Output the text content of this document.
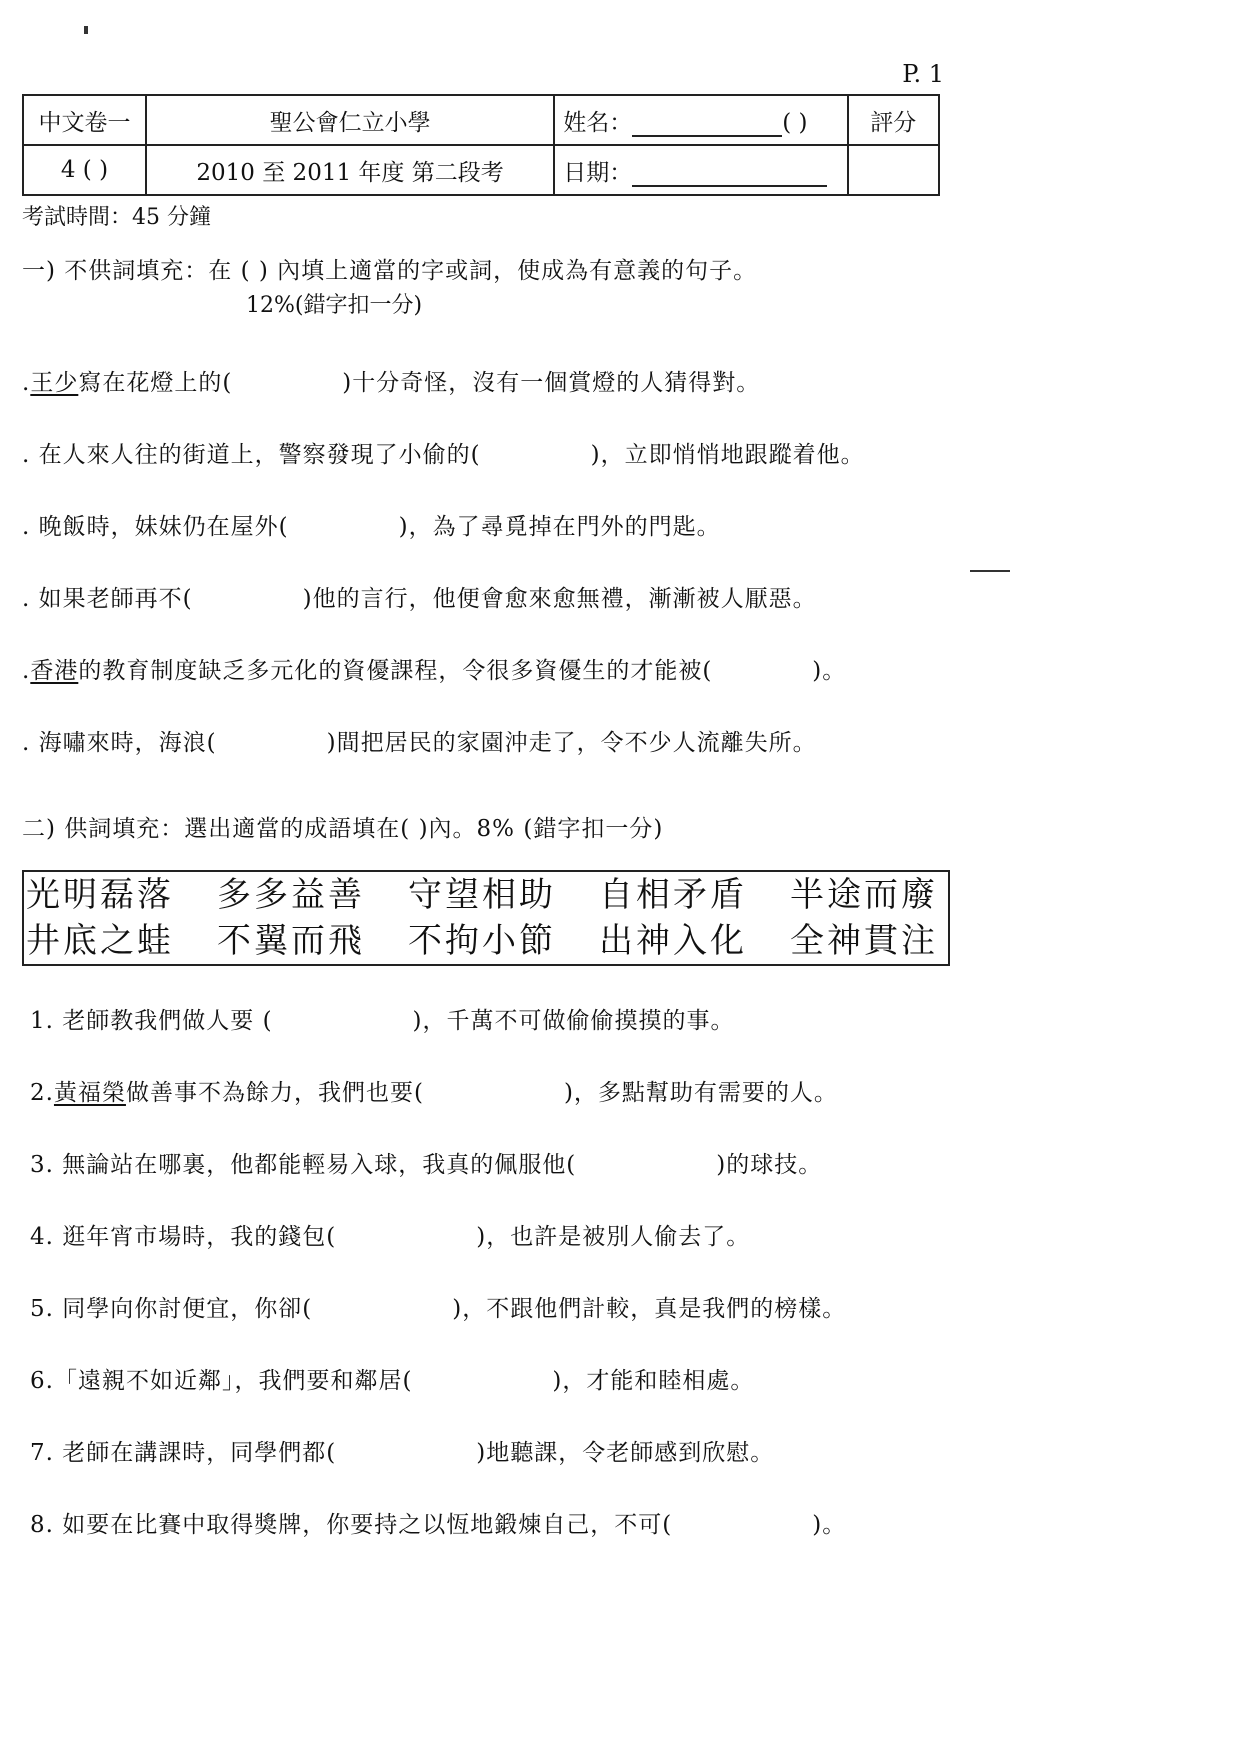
P. 1
中文卷一	聖公會仁立小學	姓名： ( )	評分
4 ( )	2010 至 2011 年度 第二段考	日期：	
考試時間：45 分鐘
一) 不供詞填充：在 ( ) 內填上適當的字或詞，使成為有意義的句子。
12%(錯字扣一分)
.王少寫在花燈上的(	)十分奇怪，沒有一個賞燈的人猜得對。
. 在人來人往的街道上，警察發現了小偷的(	)，立即悄悄地跟蹤着他。
. 晚飯時，妹妹仍在屋外(	)，為了尋覓掉在門外的門匙。
. 如果老師再不(	)他的言行，他便會愈來愈無禮，漸漸被人厭惡。
.香港的教育制度缺乏多元化的資優課程，令很多資優生的才能被(	)。
. 海嘯來時，海浪(	)間把居民的家園沖走了，令不少人流離失所。
二) 供詞填充：選出適當的成語填在( )內。8% (錯字扣一分)
光明磊落 多多益善 守望相助 自相矛盾 半途而廢
井底之蛙 不翼而飛 不拘小節 出神入化 全神貫注
1. 老師教我們做人要 (	)，千萬不可做偷偷摸摸的事。
2.黃福榮做善事不為餘力，我們也要(	)，多點幫助有需要的人。
3. 無論站在哪裏，他都能輕易入球，我真的佩服他(	)的球技。
4. 逛年宵市場時，我的錢包(	)，也許是被別人偷去了。
5. 同學向你討便宜，你卻(	)，不跟他們計較，真是我們的榜樣。
6.「遠親不如近鄰」，我們要和鄰居(	)，才能和睦相處。
7. 老師在講課時，同學們都(	)地聽課，令老師感到欣慰。
8. 如要在比賽中取得獎牌，你要持之以恆地鍛煉自己，不可(	)。
